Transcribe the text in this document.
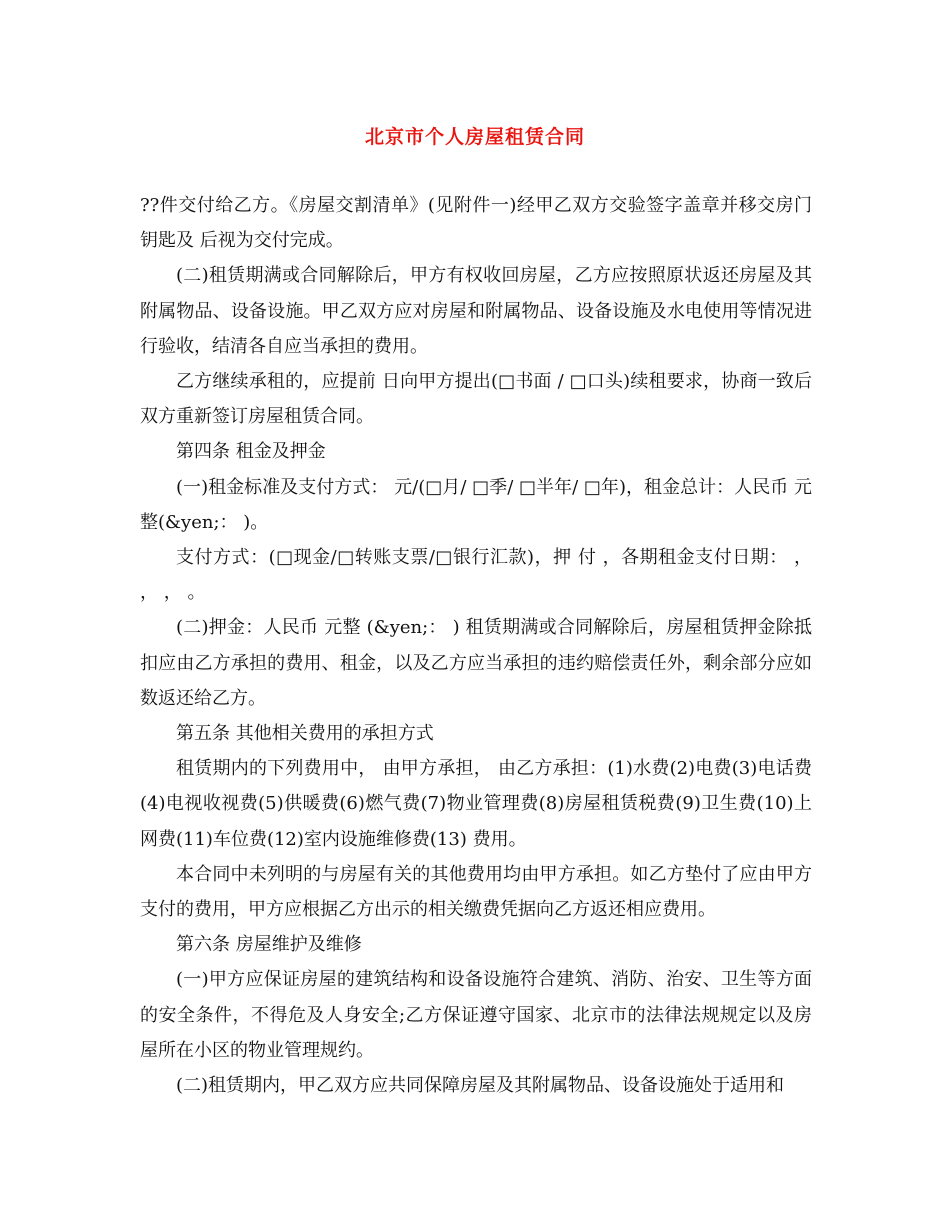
北京市个人房屋租赁合同

??件交付给乙方。《房屋交割清单》(见附件一)经甲乙双方交验签字盖章并移交房门钥匙及 后视为交付完成。

(二)租赁期满或合同解除后，甲方有权收回房屋，乙方应按照原状返还房屋及其附属物品、设备设施。甲乙双方应对房屋和附属物品、设备设施及水电使用等情况进行验收，结清各自应当承担的费用。

乙方继续承租的，应提前 日向甲方提出(□书面 / □口头)续租要求，协商一致后双方重新签订房屋租赁合同。

第四条 租金及押金

(一)租金标准及支付方式： 元/(□月/ □季/ □半年/ □年)，租金总计：人民币 元整(&yen;： )。

支付方式：(□现金/□转账支票/□银行汇款)，押 付 ，各期租金支付日期： ， ， ， 。

(二)押金：人民币 元整 (&yen;： ) 租赁期满或合同解除后，房屋租赁押金除抵扣应由乙方承担的费用、租金，以及乙方应当承担的违约赔偿责任外，剩余部分应如数返还给乙方。

第五条 其他相关费用的承担方式

租赁期内的下列费用中， 由甲方承担， 由乙方承担：(1)水费(2)电费(3)电话费(4)电视收视费(5)供暖费(6)燃气费(7)物业管理费(8)房屋租赁税费(9)卫生费(10)上网费(11)车位费(12)室内设施维修费(13) 费用。

本合同中未列明的与房屋有关的其他费用均由甲方承担。如乙方垫付了应由甲方支付的费用，甲方应根据乙方出示的相关缴费凭据向乙方返还相应费用。

第六条 房屋维护及维修

(一)甲方应保证房屋的建筑结构和设备设施符合建筑、消防、治安、卫生等方面的安全条件，不得危及人身安全;乙方保证遵守国家、北京市的法律法规规定以及房屋所在小区的物业管理规约。

(二)租赁期内，甲乙双方应共同保障房屋及其附属物品、设备设施处于适用和
